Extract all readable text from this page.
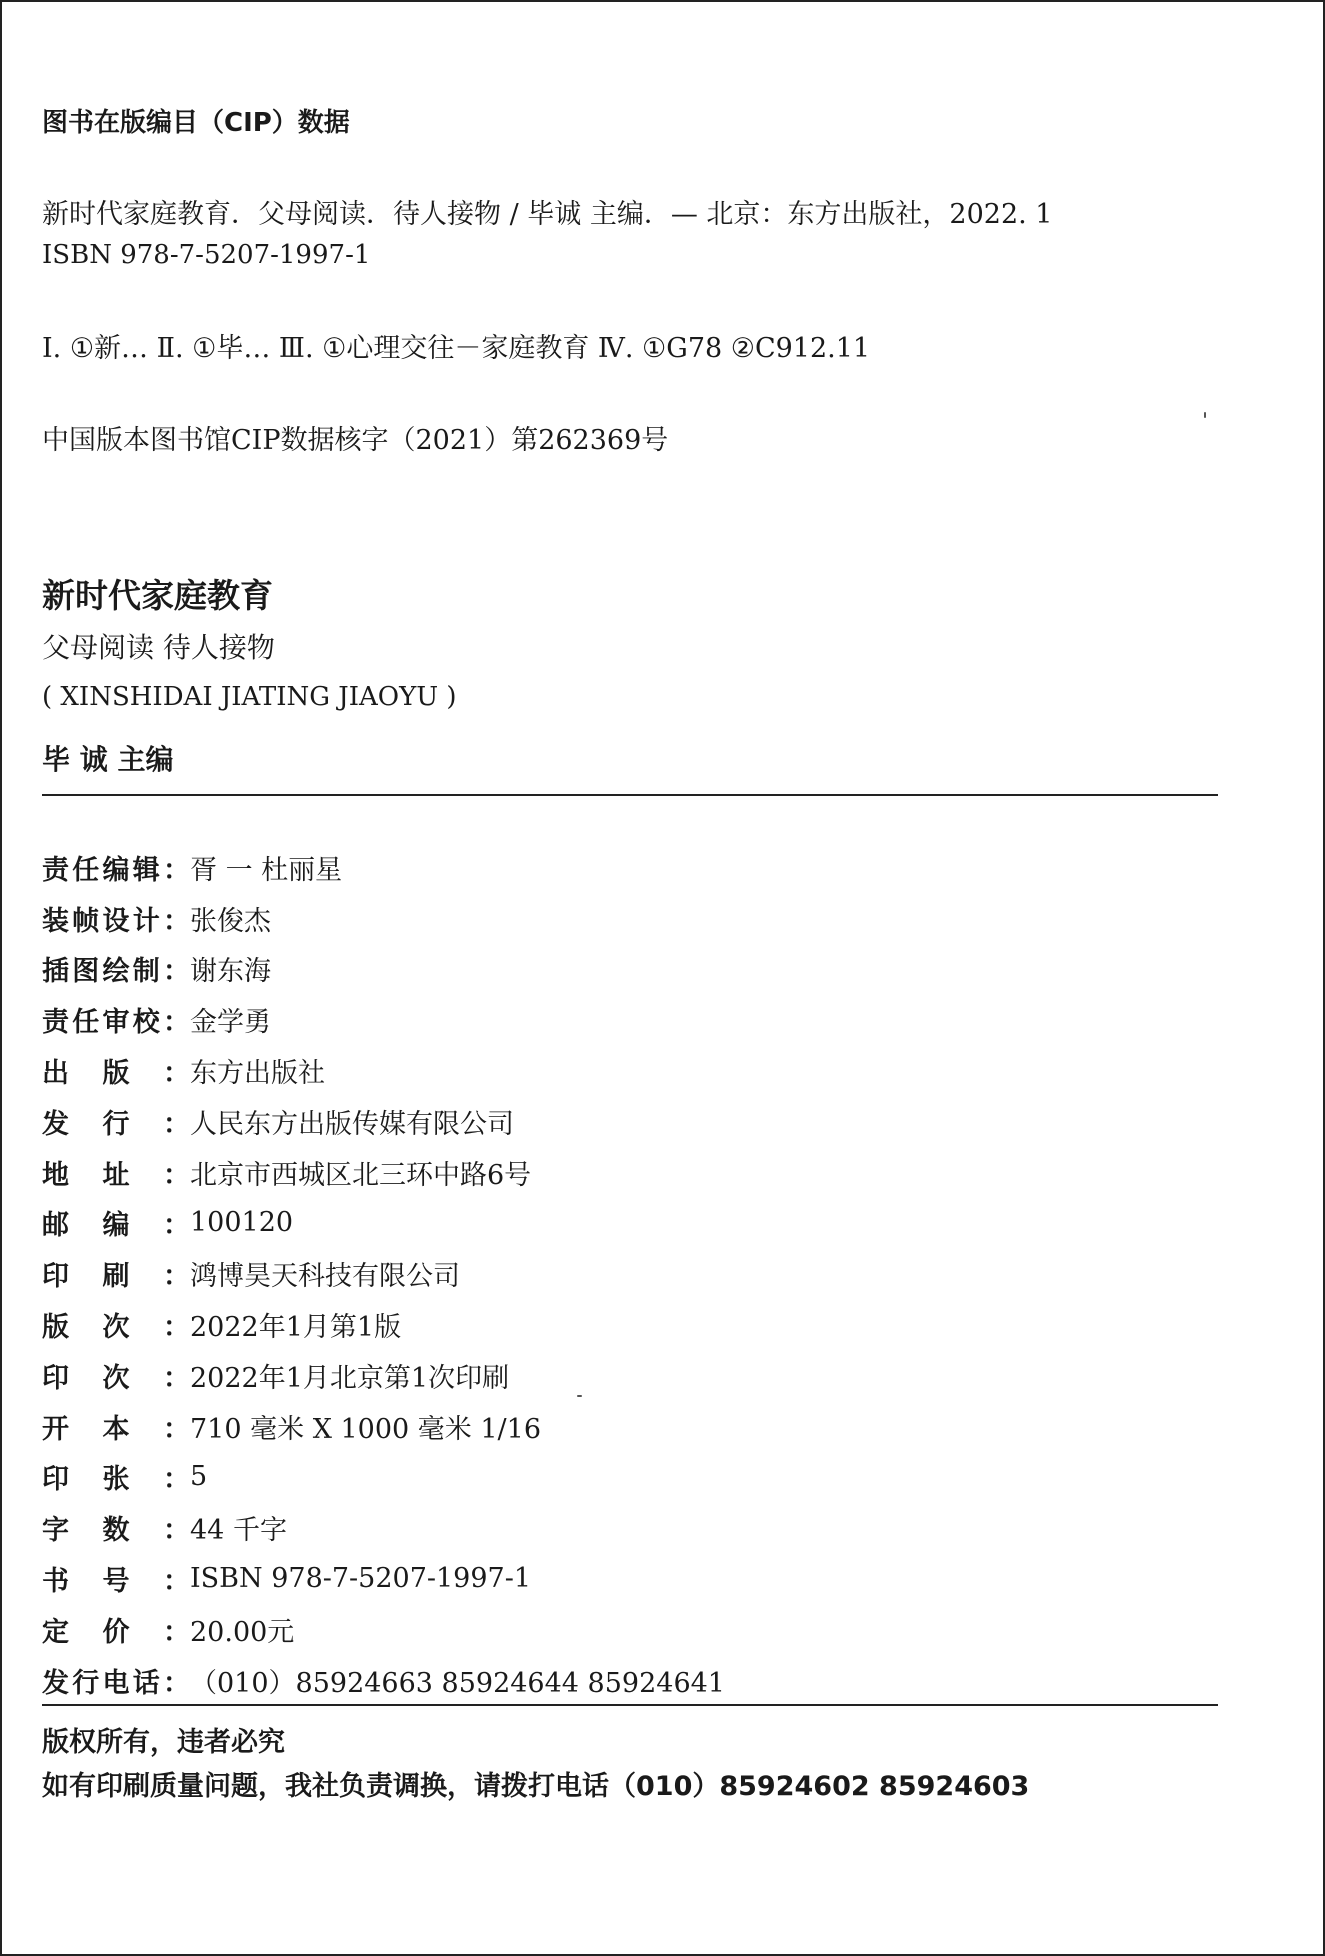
图书在版编目（CIP）数据
新时代家庭教育．父母阅读．待人接物 / 毕诚 主编．— 北京：东方出版社，2022. 1
ISBN 978-7-5207-1997-1
Ⅰ. ①新… Ⅱ. ①毕… Ⅲ. ①心理交往－家庭教育 Ⅳ. ①G78 ②C912.11
中国版本图书馆CIP数据核字（2021）第262369号
新时代家庭教育
父母阅读 待人接物
( XINSHIDAI JIATING JIAOYU )
毕 诚 主编
责 任 编 辑 ： 胥 一 杜丽星
装 帧 设 计 ： 张俊杰
插 图 绘 制 ： 谢东海
责 任 审 校 ： 金学勇
出 版 ： 东方出版社
发 行 ： 人民东方出版传媒有限公司
地 址 ： 北京市西城区北三环中路6号
邮 编 ： 100120
印 刷 ： 鸿博昊天科技有限公司
版 次 ： 2022年1月第1版
印 次 ： 2022年1月北京第1次印刷
开 本 ： 710 毫米 X 1000 毫米 1/16
印 张 ： 5
字 数 ： 44 千字
书 号 ： ISBN 978-7-5207-1997-1
定 价 ： 20.00元
发 行 电 话 ： （010）85924663 85924644 85924641
版权所有，违者必究
如有印刷质量问题，我社负责调换，请拨打电话（010）85924602 85924603
